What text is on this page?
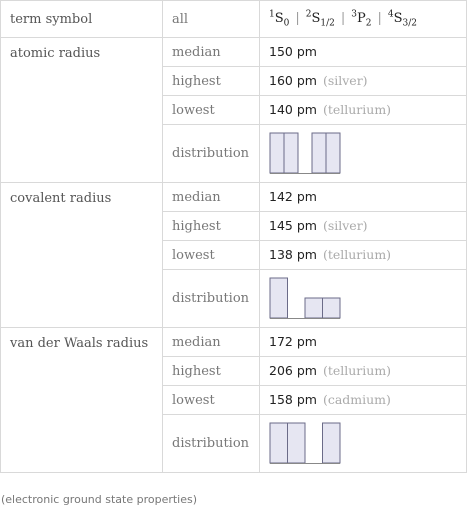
term symbol	all	$^1S_0$ | $^2S_{1/2}$ | $^3P_2$ | $^4S_{3/2}$
atomic radius	median	150 pm
	highest	160 pm (silver)
	lowest	140 pm (tellurium)
	distribution	

covalent radius	median	142 pm
	highest	145 pm (silver)
	lowest	138 pm (tellurium)
	distribution	

van der Waals radius	median	172 pm
	highest	206 pm (tellurium)
	lowest	158 pm (cadmium)
	distribution	
(electronic ground state properties)
